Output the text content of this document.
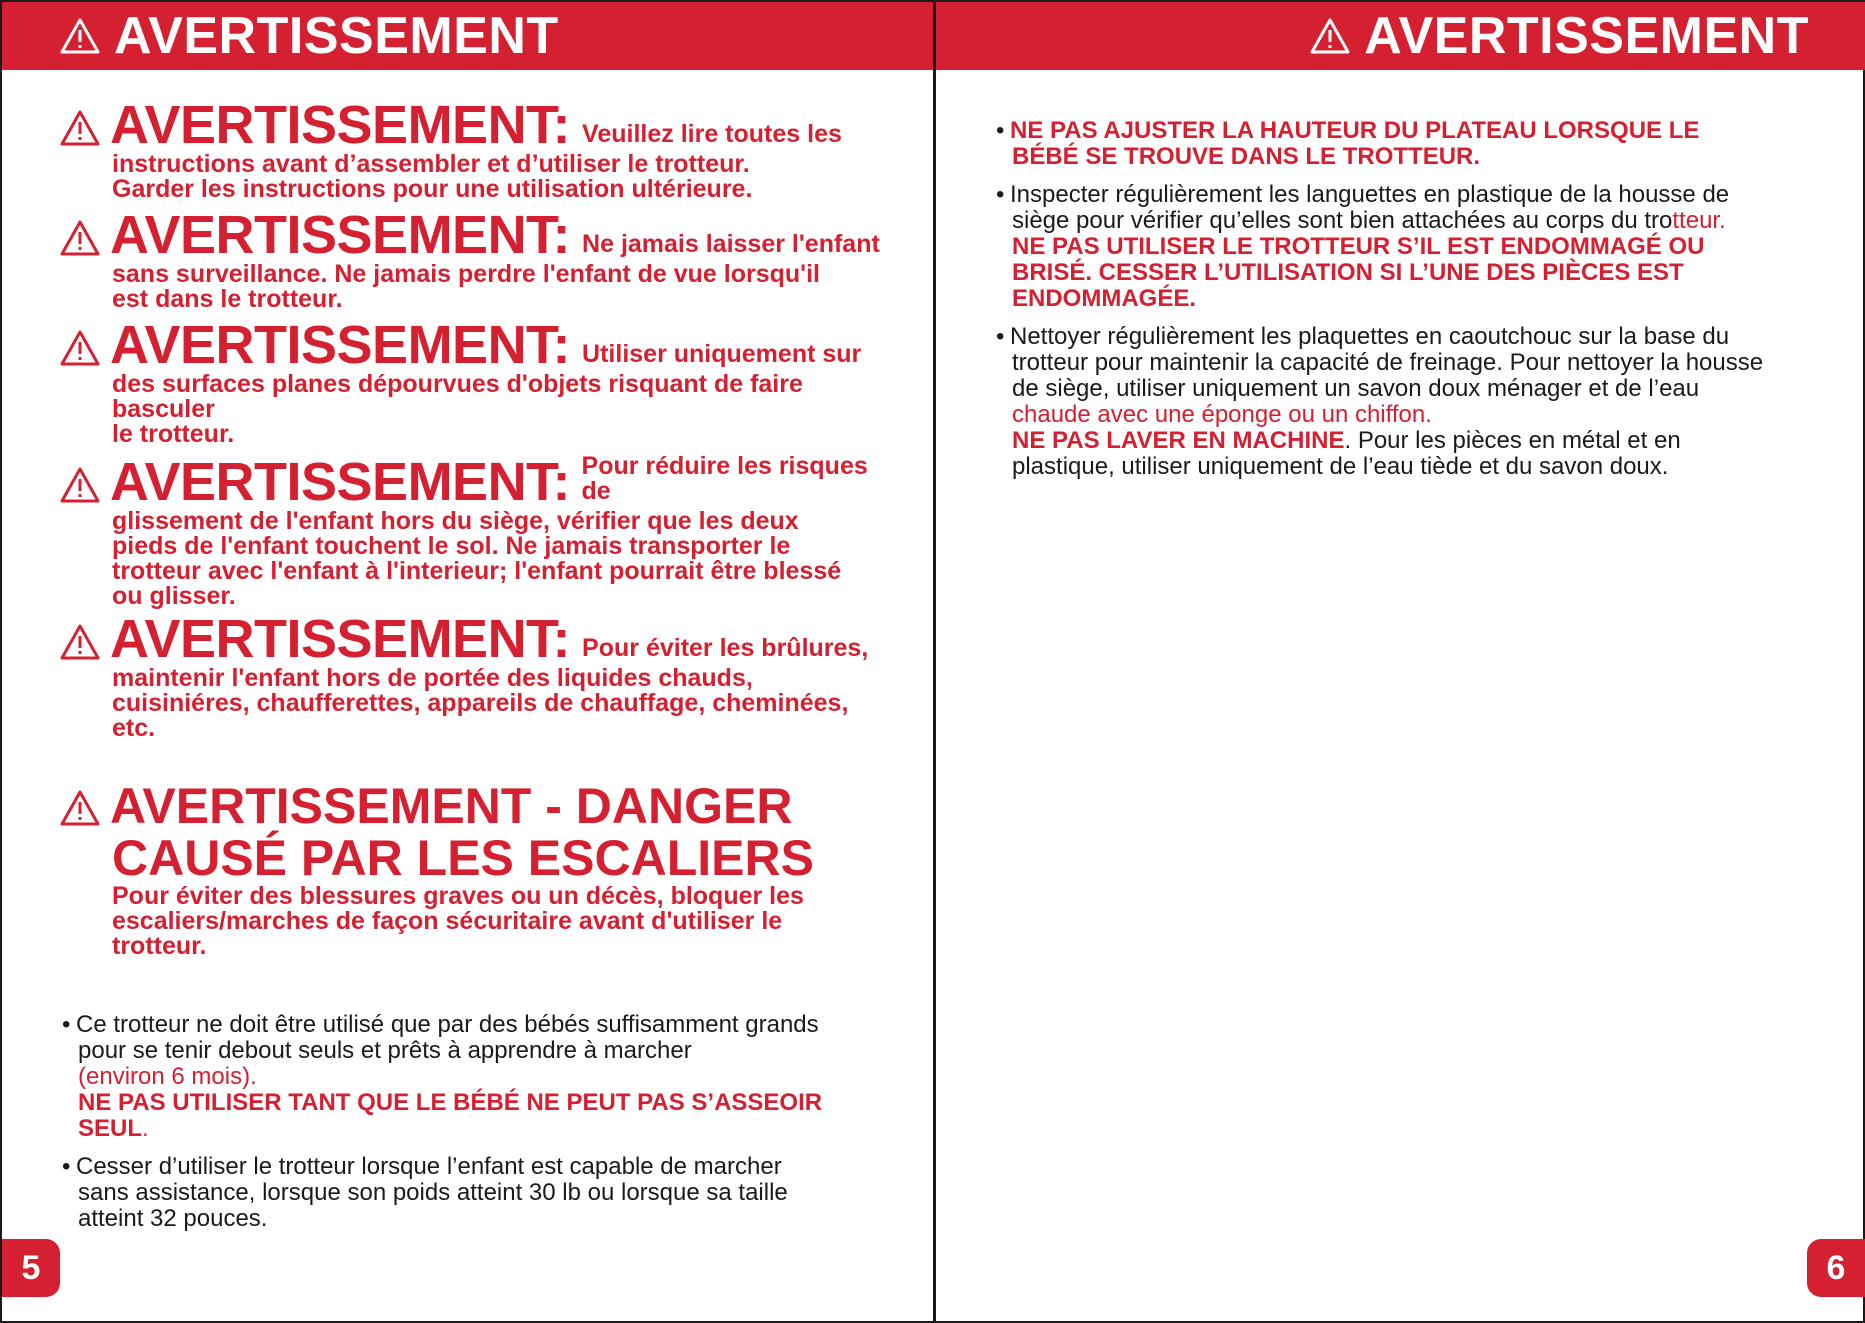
AVERTISSEMENT
AVERTISSEMENT: Veuillez lire toutes les
instructions avant d’assembler et d’utiliser le trotteur.
Garder les instructions pour une utilisation ultérieure.
AVERTISSEMENT: Ne jamais laisser l'enfant
sans surveillance. Ne jamais perdre l'enfant de vue lorsqu'il
est dans le trotteur.
AVERTISSEMENT: Utiliser uniquement sur
des surfaces planes dépourvues d'objets risquant de faire
basculer
le trotteur.
AVERTISSEMENT: Pour réduire les risques de
glissement de l'enfant hors du siège, vérifier que les deux
pieds de l'enfant touchent le sol. Ne jamais transporter le
trotteur avec l'enfant à l'interieur; l'enfant pourrait être blessé
ou glisser.
AVERTISSEMENT: Pour éviter les brûlures,
maintenir l'enfant hors de portée des liquides chauds,
cuisiniéres, chaufferettes, appareils de chauffage, cheminées,
etc.
AVERTISSEMENT - DANGER
CAUSÉ PAR LES ESCALIERS
Pour éviter des blessures graves ou un décès, bloquer les
escaliers/marches de façon sécuritaire avant d'utiliser le
trotteur.
• Ce trotteur ne doit être utilisé que par des bébés suffisamment grands
pour se tenir debout seuls et prêts à apprendre à marcher
(environ 6 mois).
NE PAS UTILISER TANT QUE LE BÉBÉ NE PEUT PAS S’ASSEOIR
SEUL.
• Cesser d’utiliser le trotteur lorsque l’enfant est capable de marcher
sans assistance, lorsque son poids atteint 30 lb ou lorsque sa taille
atteint 32 pouces.
5
AVERTISSEMENT
• NE PAS AJUSTER LA HAUTEUR DU PLATEAU LORSQUE LE
BÉBÉ SE TROUVE DANS LE TROTTEUR.
• Inspecter régulièrement les languettes en plastique de la housse de
siège pour vérifier qu’elles sont bien attachées au corps du trotteur.
NE PAS UTILISER LE TROTTEUR S’IL EST ENDOMMAGÉ OU
BRISÉ. CESSER L’UTILISATION SI L’UNE DES PIÈCES EST
ENDOMMAGÉE.
• Nettoyer régulièrement les plaquettes en caoutchouc sur la base du
trotteur pour maintenir la capacité de freinage. Pour nettoyer la housse
de siège, utiliser uniquement un savon doux ménager et de l’eau
chaude avec une éponge ou un chiffon.
NE PAS LAVER EN MACHINE. Pour les pièces en métal et en
plastique, utiliser uniquement de l’eau tiède et du savon doux.
6
